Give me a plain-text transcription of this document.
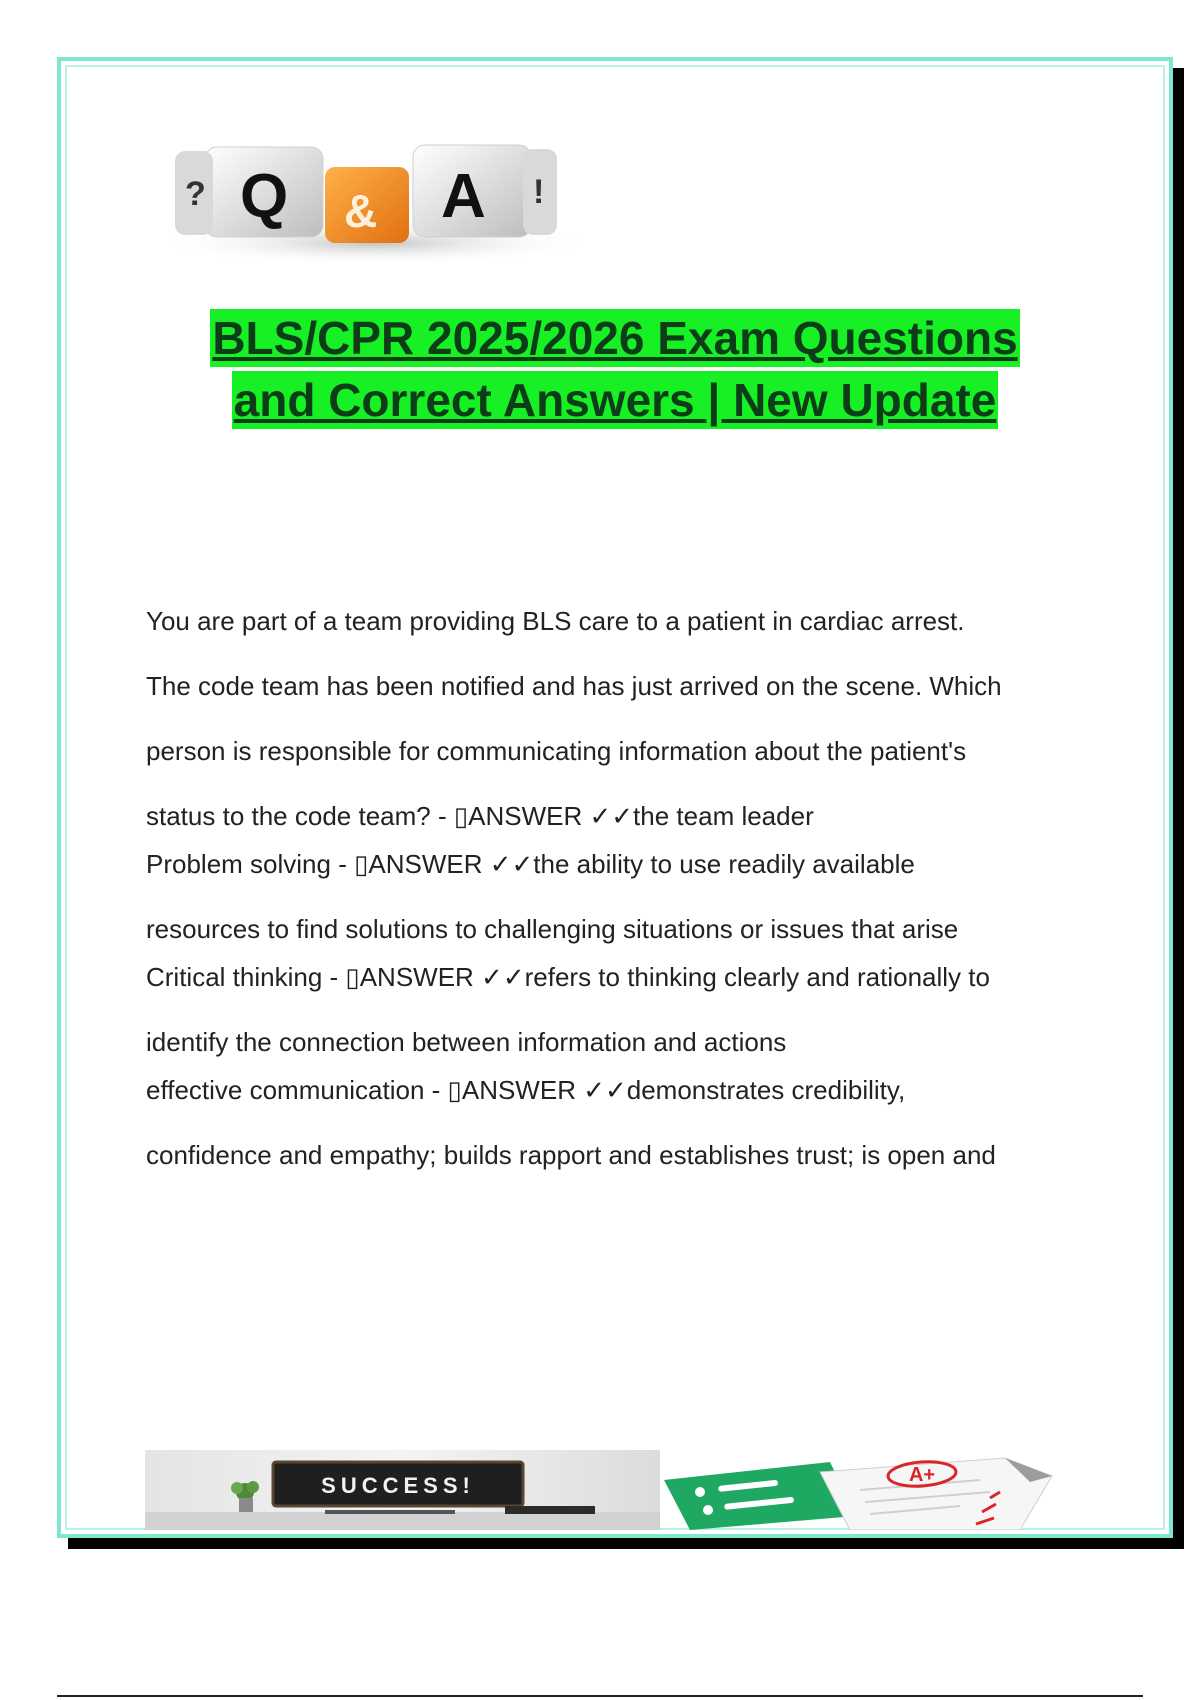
? Q & A !
BLS/CPR 2025/2026 Exam Questions
and Correct Answers | New Update
You are part of a team providing BLS care to a patient in cardiac arrest.
The code team has been notified and has just arrived on the scene. Which
person is responsible for communicating information about the patient's
status to the code team? - ▯ANSWER ✓✓the team leader
Problem solving - ▯ANSWER ✓✓the ability to use readily available
resources to find solutions to challenging situations or issues that arise
Critical thinking - ▯ANSWER ✓✓refers to thinking clearly and rationally to
identify the connection between information and actions
effective communication - ▯ANSWER ✓✓demonstrates credibility,
confidence and empathy; builds rapport and establishes trust; is open and
SUCCESS!	A+
